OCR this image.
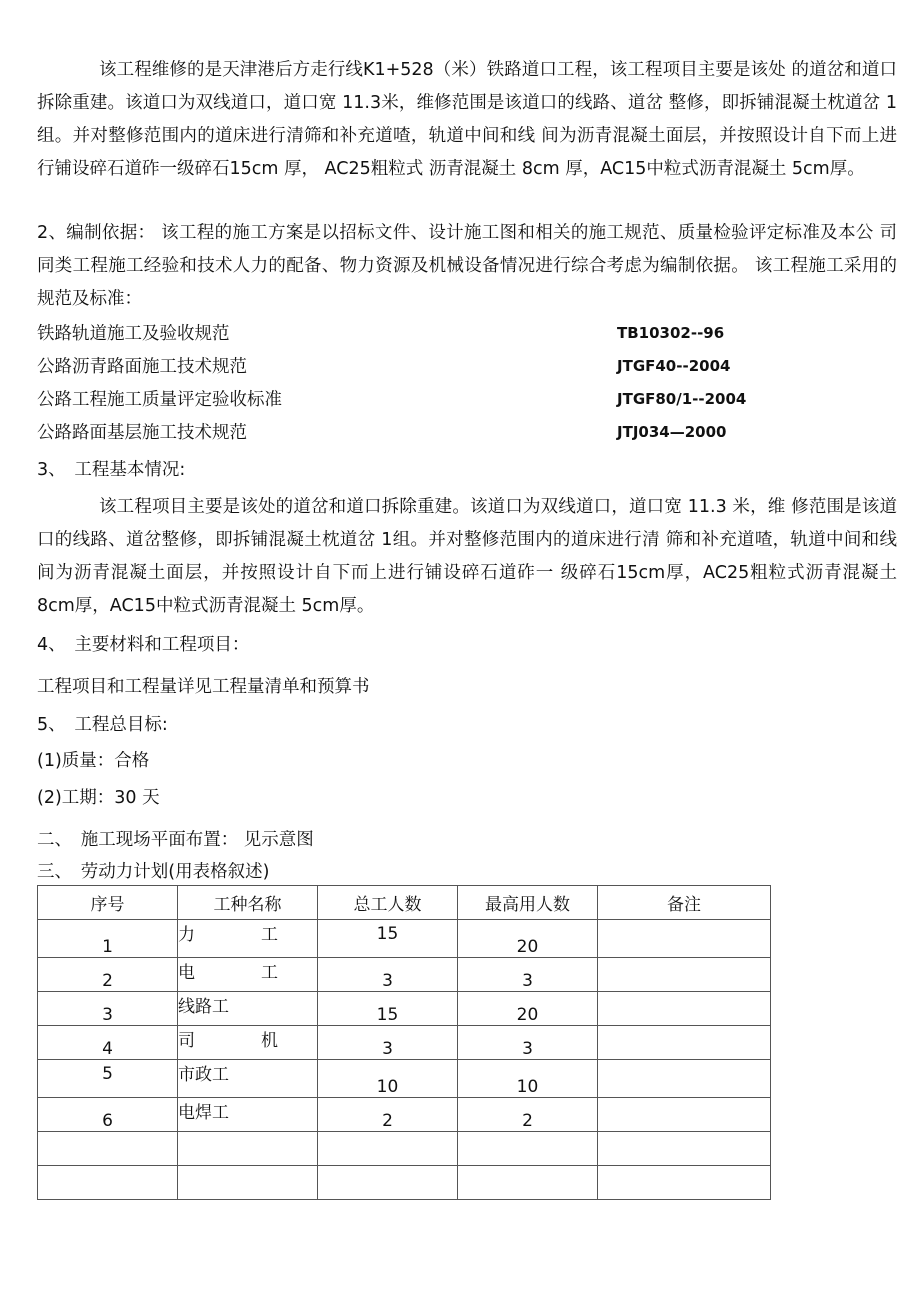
该工程维修的是天津港后方走行线K1+528（米）铁路道口工程，该工程项目主要是该处 的道岔和道口拆除重建。该道口为双线道口，道口宽 11.3米，维修范围是该道口的线路、道岔 整修，即拆铺混凝土枕道岔 1组。并对整修范围内的道床进行清筛和补充道喳，轨道中间和线 间为沥青混凝土面层，并按照设计自下而上进行铺设碎石道砟一级碎石15cm 厚， AC25粗粒式 沥青混凝土 8cm 厚，AC15中粒式沥青混凝土 5cm厚。

2、编制依据： 该工程的施工方案是以招标文件、设计施工图和相关的施工规范、质量检验评定标准及本公 司同类工程施工经验和技术人力的配备、物力资源及机械设备情况进行综合考虑为编制依据。 该工程施工采用的规范及标准：

铁路轨道施工及验收规范	TB10302--96
公路沥青路面施工技术规范	JTGF40--2004
公路工程施工质量评定验收标准	JTGF80/1--2004
公路路面基层施工技术规范	JTJ034—2000
3、　工程基本情况:

该工程项目主要是该处的道岔和道口拆除重建。该道口为双线道口，道口宽 11.3 米，维 修范围是该道口的线路、道岔整修，即拆铺混凝土枕道岔 1组。并对整修范围内的道床进行清 筛和补充道喳，轨道中间和线间为沥青混凝土面层，并按照设计自下而上进行铺设碎石道砟一 级碎石15cm厚，AC25粗粒式沥青混凝土 8cm厚，AC15中粒式沥青混凝土 5cm厚。

4、　主要材料和工程项目：
工程项目和工程量详见工程量清单和预算书
5、　工程总目标:
(1)质量：合格
(2)工期：30 天
二、　施工现场平面布置： 见示意图
三、　劳动力计划(用表格叙述)
序号	工种名称	总工人数	最高用人数	备注
1	力 工	15	20	
2	电 工	3	3	
3	线路工	15	20	
4	司 机	3	3	
5	市政工	10	10	
6	电焊工	2	2	
